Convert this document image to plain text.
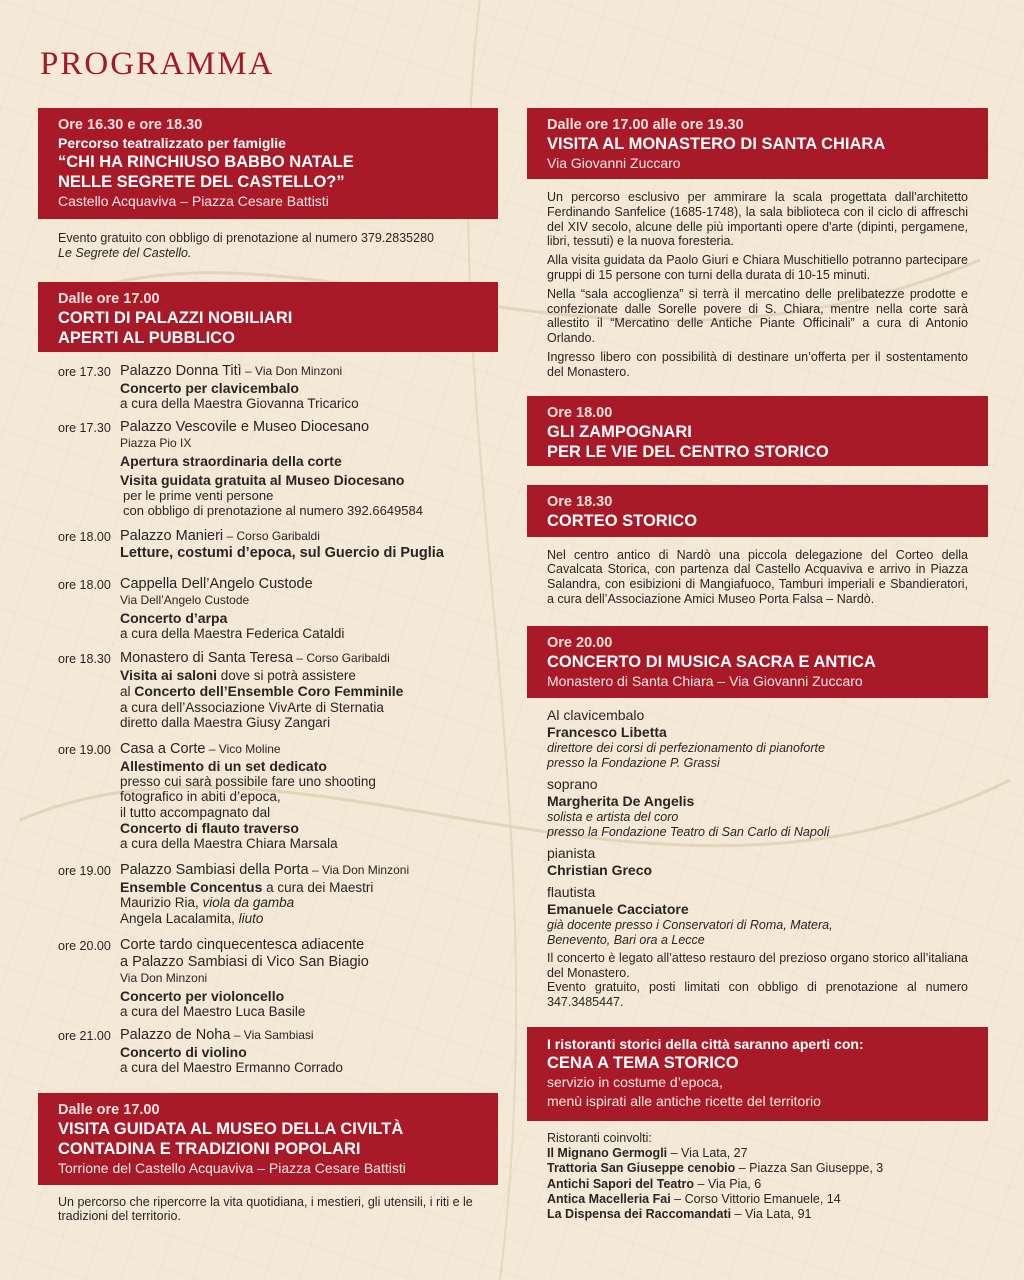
PROGRAMMA
Ore 16.30 e ore 18.30
Percorso teatralizzato per famiglie
“CHI HA RINCHIUSO BABBO NATALE
NELLE SEGRETE DEL CASTELLO?”
Castello Acquaviva – Piazza Cesare Battisti

Evento gratuito con obbligo di prenotazione al numero 379.2835280

Le Segrete del Castello.

Dalle ore 17.00
CORTI DI PALAZZI NOBILIARI
APERTI AL PUBBLICO
ore 17.30 Palazzo Donna Titì – Via Don Minzoni
Concerto per clavicembalo
a cura della Maestra Giovanna Tricarico
ore 17.30 Palazzo Vescovile e Museo Diocesano
Piazza Pio IX
Apertura straordinaria della corte
Visita guidata gratuita al Museo Diocesano
per le prime venti persone
con obbligo di prenotazione al numero 392.6649584
ore 18.00 Palazzo Manieri – Corso Garibaldi
Letture, costumi d’epoca, sul Guercio di Puglia
ore 18.00 Cappella Dell’Angelo Custode
Via Dell’Angelo Custode
Concerto d’arpa
a cura della Maestra Federica Cataldi
ore 18.30 Monastero di Santa Teresa – Corso Garibaldi
Visita ai saloni dove si potrà assistere
al Concerto dell’Ensemble Coro Femminile
a cura dell’Associazione VivArte di Sternatia
diretto dalla Maestra Giusy Zangari
ore 19.00 Casa a Corte – Vico Moline
Allestimento di un set dedicato
presso cui sarà possibile fare uno shooting
fotografico in abiti d’epoca,
il tutto accompagnato dal
Concerto di flauto traverso
a cura della Maestra Chiara Marsala
ore 19.00 Palazzo Sambiasi della Porta – Via Don Minzoni
Ensemble Concentus a cura dei Maestri
Maurizio Ria, viola da gamba
Angela Lacalamita, liuto
ore 20.00 Corte tardo cinquecentesca adiacente
a Palazzo Sambiasi di Vico San Biagio
Via Don Minzoni
Concerto per violoncello
a cura del Maestro Luca Basile
ore 21.00 Palazzo de Noha – Via Sambiasi
Concerto di violino
a cura del Maestro Ermanno Corrado
Dalle ore 17.00
VISITA GUIDATA AL MUSEO DELLA CIVILTÀ
CONTADINA E TRADIZIONI POPOLARI
Torrione del Castello Acquaviva – Piazza Cesare Battisti

Un percorso che ripercorre la vita quotidiana, i mestieri, gli utensili, i riti e le tradizioni del territorio.

Dalle ore 17.00 alle ore 19.30
VISITA AL MONASTERO DI SANTA CHIARA
Via Giovanni Zuccaro

Un percorso esclusivo per ammirare la scala progettata dall'architetto Ferdinando Sanfelice (1685-1748), la sala biblioteca con il ciclo di affreschi del XIV secolo, alcune delle più importanti opere d'arte (dipinti, pergamene, libri, tessuti) e la nuova foresteria.

Alla visita guidata da Paolo Giuri e Chiara Muschitiello potranno partecipare gruppi di 15 persone con turni della durata di 10-15 minuti.

Nella “sala accoglienza” si terrà il mercatino delle prelibatezze prodotte e confezionate dalle Sorelle povere di S. Chiara, mentre nella corte sarà allestito il “Mercatino delle Antiche Piante Officinali” a cura di Antonio Orlando.

Ingresso libero con possibilità di destinare un’offerta per il sostentamento del Monastero.

Ore 18.00
GLI ZAMPOGNARI
PER LE VIE DEL CENTRO STORICO
Ore 18.30
CORTEO STORICO

Nel centro antico di Nardò una piccola delegazione del Corteo della Cavalcata Storica, con partenza dal Castello Acquaviva e arrivo in Piazza Salandra, con esibizioni di Mangiafuoco, Tamburi imperiali e Sbandieratori, a cura dell’Associazione Amici Museo Porta Falsa – Nardò.

Ore 20.00
CONCERTO DI MUSICA SACRA E ANTICA
Monastero di Santa Chiara – Via Giovanni Zuccaro
Al clavicembalo
Francesco Libetta
direttore dei corsi di perfezionamento di pianoforte
presso la Fondazione P. Grassi
soprano
Margherita De Angelis
solista e artista del coro
presso la Fondazione Teatro di San Carlo di Napoli
pianista
Christian Greco
flautista
Emanuele Cacciatore
già docente presso i Conservatori di Roma, Matera,
Benevento, Bari ora a Lecce

Il concerto è legato all’atteso restauro del prezioso organo storico all’italiana del Monastero.

Evento gratuito, posti limitati con obbligo di prenotazione al numero 347.3485447.

I ristoranti storici della città saranno aperti con:
CENA A TEMA STORICO
servizio in costume d’epoca,
menù ispirati alle antiche ricette del territorio
Ristoranti coinvolti:
Il Mignano Germogli – Via Lata, 27
Trattoria San Giuseppe cenobio – Piazza San Giuseppe, 3
Antichi Sapori del Teatro – Via Pia, 6
Antica Macelleria Fai – Corso Vittorio Emanuele, 14
La Dispensa dei Raccomandati – Via Lata, 91
